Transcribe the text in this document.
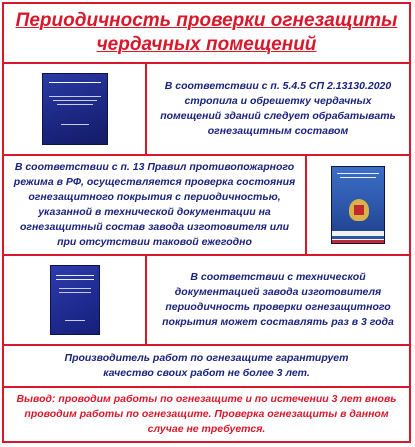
Периодичность проверки огнезащиты
чердачных помещений
В соответствии с п. 5.4.5 СП 2.13130.2020 стропила и обрешетку чердачных помещений зданий следует обрабатывать огнезащитным составом
В соответствии с п. 13 Правил противопожарного режима в РФ, осуществляется проверка состояния огнезащитного покрытия с периодичностью, указанной в технической документации на огнезащитный состав завода изготовителя или при отсутствии таковой ежегодно
В соответствии с технической документацией завода изготовителя периодичность проверки огнезащитного покрытия может составлять раз в 3 года
Производитель работ по огнезащите гарантирует качество своих работ не более 3 лет.
Вывод: проводим работы по огнезащите и по истечении 3 лет вновь проводим работы по огнезащите. Проверка огнезащиты в данном случае не требуется.
